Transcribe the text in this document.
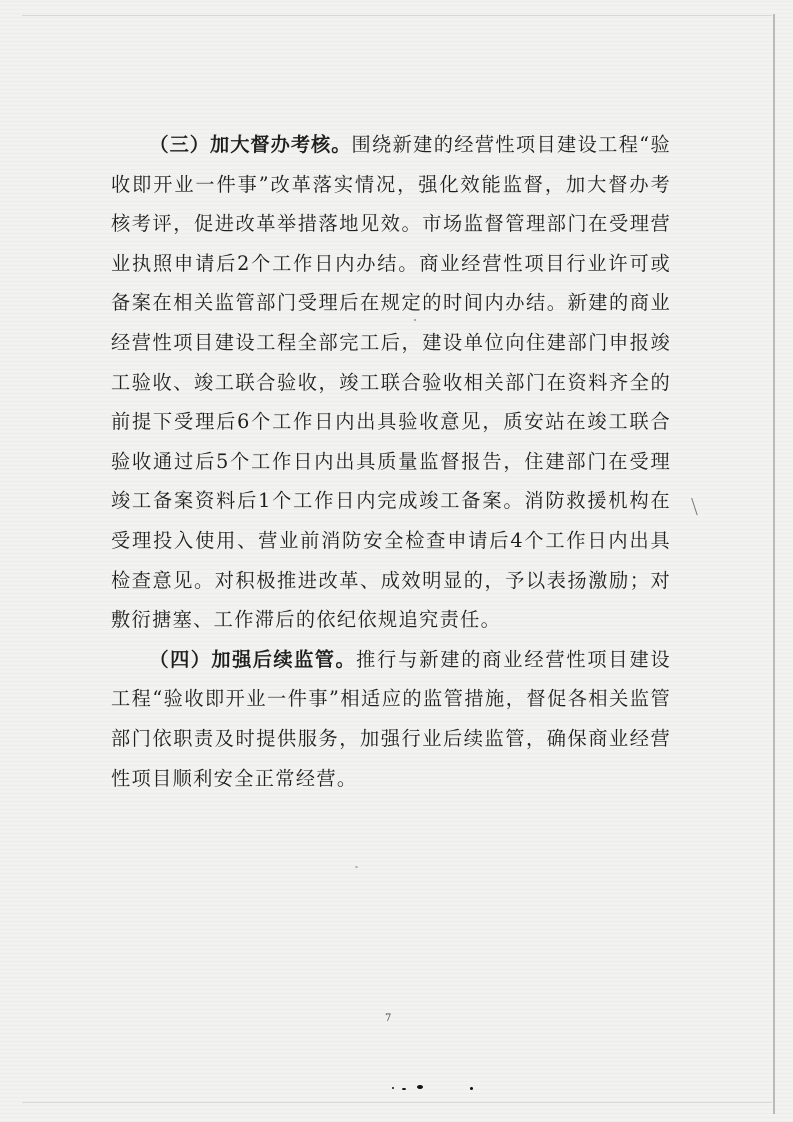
（三）加大督办考核。围绕新建的经营性项目建设工程“验收即开业一件事”改革落实情况，强化效能监督，加大督办考核考评，促进改革举措落地见效。市场监督管理部门在受理营业执照申请后2个工作日内办结。商业经营性项目行业许可或备案在相关监管部门受理后在规定的时间内办结。新建的商业经营性项目建设工程全部完工后，建设单位向住建部门申报竣工验收、竣工联合验收，竣工联合验收相关部门在资料齐全的前提下受理后6个工作日内出具验收意见，质安站在竣工联合验收通过后5个工作日内出具质量监督报告，住建部门在受理竣工备案资料后1个工作日内完成竣工备案。消防救援机构在受理投入使用、营业前消防安全检查申请后4个工作日内出具检查意见。对积极推进改革、成效明显的，予以表扬激励；对敷衍搪塞、工作滞后的依纪依规追究责任。

（四）加强后续监管。推行与新建的商业经营性项目建设工程“验收即开业一件事”相适应的监管措施，督促各相关监管部门依职责及时提供服务，加强行业后续监管，确保商业经营性项目顺利安全正常经营。

7
